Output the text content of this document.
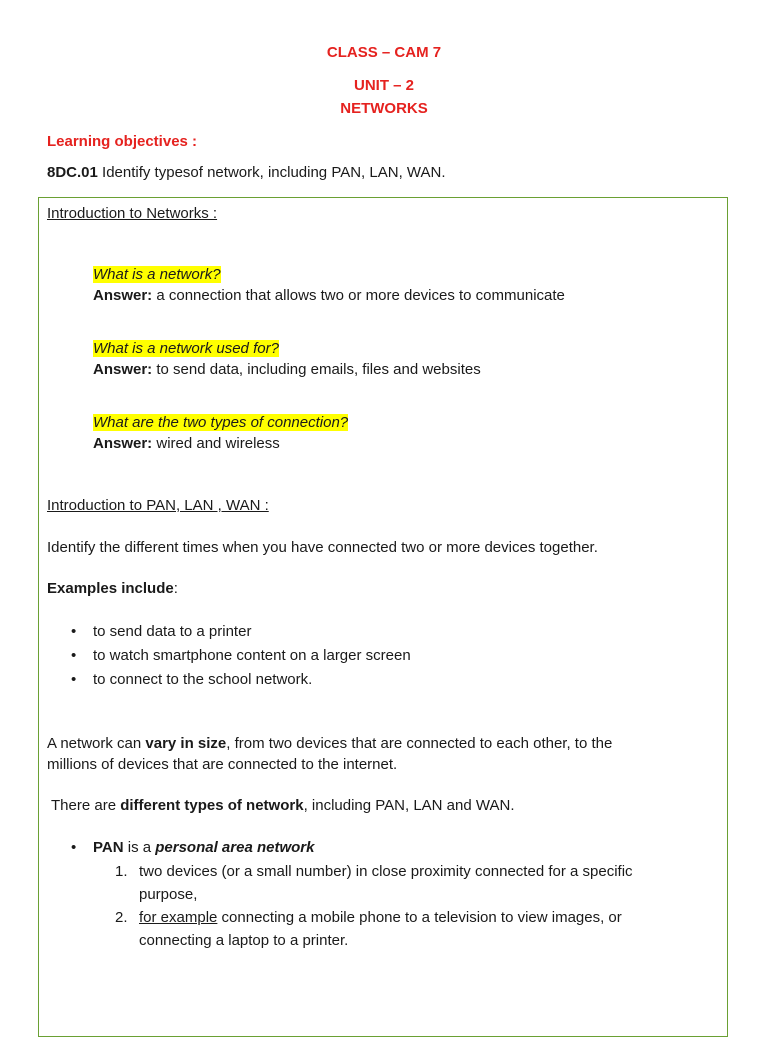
CLASS – CAM 7
UNIT – 2
NETWORKS
Learning objectives :
8DC.01 Identify typesof network, including PAN, LAN, WAN.
Introduction to Networks :
What is a network?
Answer: a connection that allows two or more devices to communicate
What is a network used for?
Answer: to send data, including emails, files and websites
What are the two types of connection?
Answer: wired and wireless
Introduction to PAN, LAN , WAN :
Identify the different times when you have connected two or more devices together.
Examples include:
• to send data to a printer
• to watch smartphone content on a larger screen
• to connect to the school network.
A network can vary in size, from two devices that are connected to each other, to the
millions of devices that are connected to the internet.
There are different types of network, including PAN, LAN and WAN.
• PAN is a personal area network
1. two devices (or a small number) in close proximity connected for a specific
purpose,
2. for example connecting a mobile phone to a television to view images, or
connecting a laptop to a printer.
